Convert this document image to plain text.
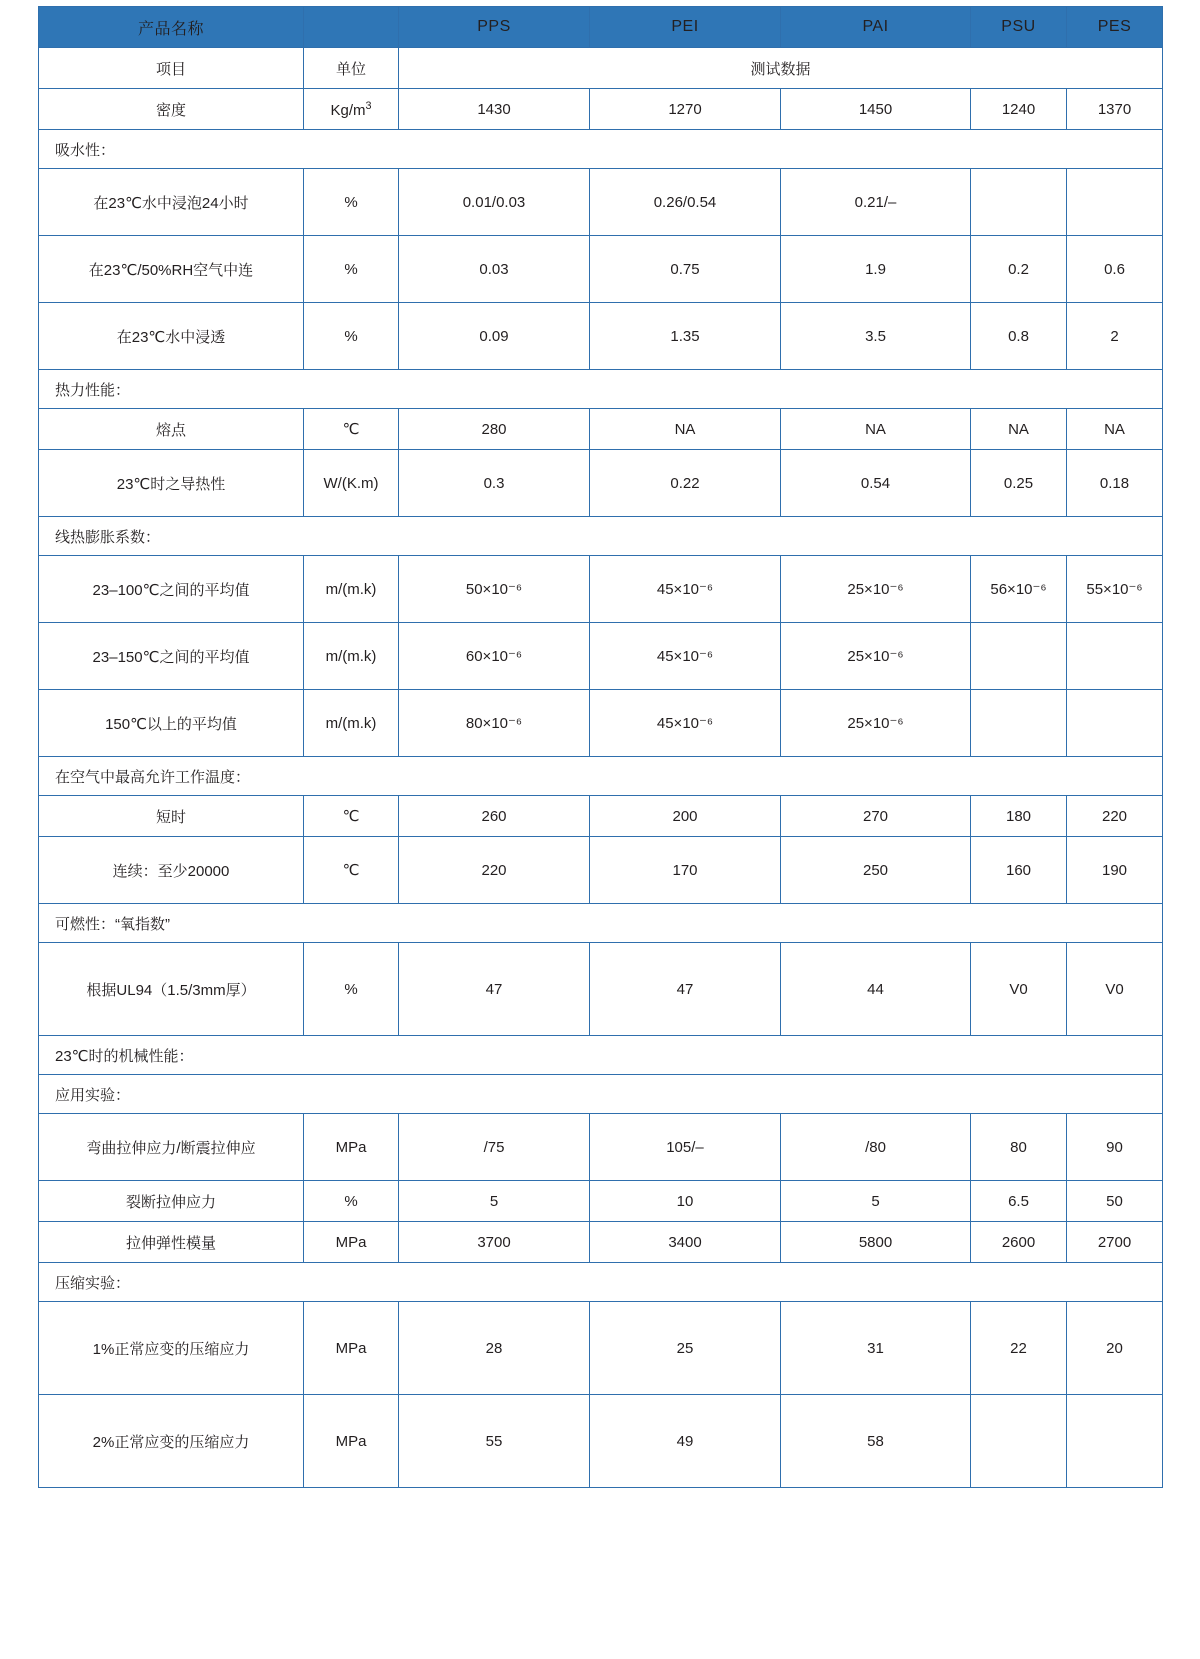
产品名称		PPS	PEI	PAI	PSU	PES
项目	单位	测试数据				
密度	$Kg/m^3$	1430	1270	1450	1240	1370
吸水性：						
在23℃水中浸泡24小时	%	0.01/0.03	0.26/0.54	0.21/–		
在23℃/50%RH空气中连	%	0.03	0.75	1.9	0.2	0.6
在23℃水中浸透	%	0.09	1.35	3.5	0.8	2
热力性能：						
熔点	℃	280	NA	NA	NA	NA
23℃时之导热性	W/(K.m)	0.3	0.22	0.54	0.25	0.18
线热膨胀系数：						
23–100℃之间的平均值	m/(m.k)	50×10⁻⁶	45×10⁻⁶	25×10⁻⁶	56×10⁻⁶	55×10⁻⁶
23–150℃之间的平均值	m/(m.k)	60×10⁻⁶	45×10⁻⁶	25×10⁻⁶		
150℃以上的平均值	m/(m.k)	80×10⁻⁶	45×10⁻⁶	25×10⁻⁶		
在空气中最高允许工作温度：						
短时	℃	260	200	270	180	220
连续：至少20000	℃	220	170	250	160	190
可燃性：“氧指数”						
根据UL94（1.5/3mm厚）	%	47	47	44	V0	V0
23℃时的机械性能：						
应用实验：						
弯曲拉伸应力/断震拉伸应	MPa	/75	105/–	/80	80	90
裂断拉伸应力	%	5	10	5	6.5	50
拉伸弹性模量	MPa	3700	3400	5800	2600	2700
压缩实验：						
1%正常应变的压缩应力	MPa	28	25	31	22	20
2%正常应变的压缩应力	MPa	55	49	58		
